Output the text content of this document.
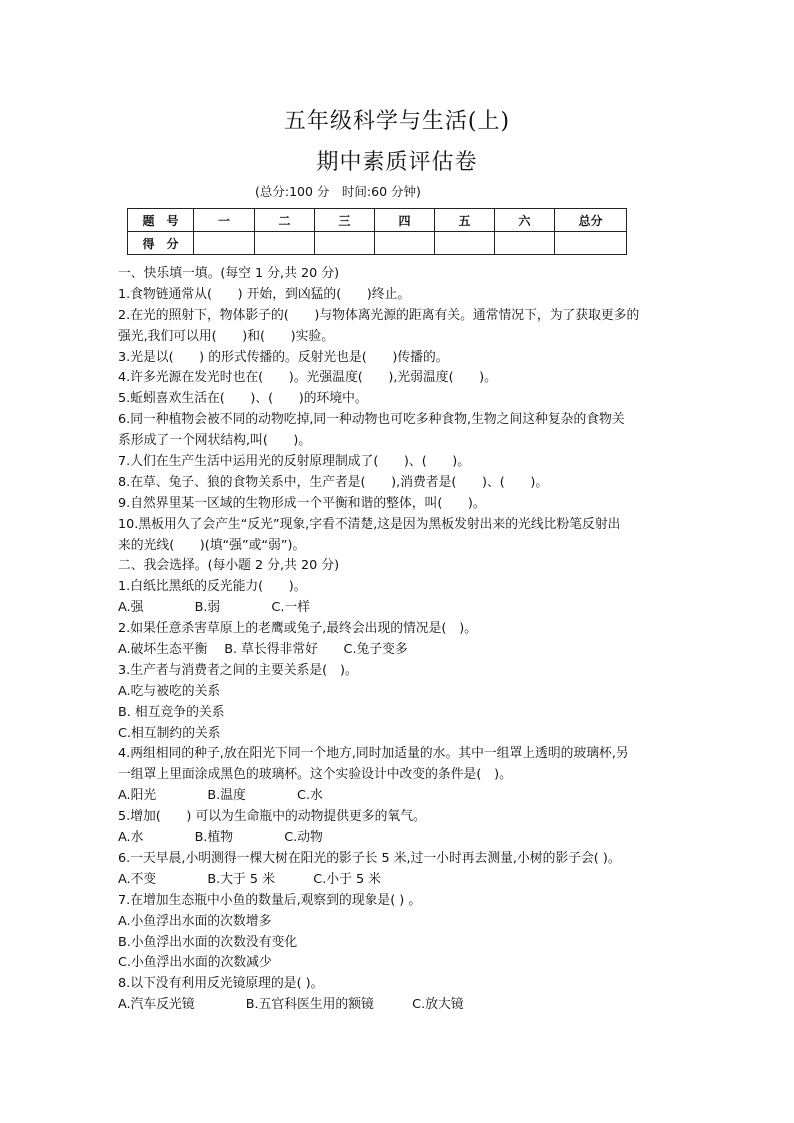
五年级科学与生活(上)
期中素质评估卷
(总分:100 分　时间:60 分钟)
题　号	一	二	三	四	五	六	总分
得　分							
一、快乐填一填。(每空 1 分,共 20 分)
1.食物链通常从(　　) 开始，到凶猛的(　　)终止。
2.在光的照射下，物体影子的(　　)与物体离光源的距离有关。通常情况下，为了获取更多的
强光,我们可以用(　　)和(　　)实验。
3.光是以(　　) 的形式传播的。反射光也是(　　)传播的。
4.许多光源在发光时也在(　　)。光强温度(　　),光弱温度(　　)。
5.蚯蚓喜欢生活在(　　)、(　　)的环境中。
6.同一种植物会被不同的动物吃掉,同一种动物也可吃多种食物,生物之间这种复杂的食物关
系形成了一个网状结构,叫(　　)。
7.人们在生产生活中运用光的反射原理制成了(　　)、(　　)。
8.在草、兔子、狼的食物关系中，生产者是(　　),消费者是(　　)、(　　)。
9.自然界里某一区域的生物形成一个平衡和谐的整体，叫(　　)。
10.黑板用久了会产生“反光”现象,字看不清楚,这是因为黑板发射出来的光线比粉笔反射出
来的光线(　　)(填“强”或“弱”)。
二、我会选择。(每小题 2 分,共 20 分)
1.白纸比黑纸的反光能力(　　)。
A.强　　　　B.弱　　　　C.一样
2.如果任意杀害草原上的老鹰或兔子,最终会出现的情况是(　)。
A.破坏生态平衡　 B. 草长得非常好　　C.兔子变多
3.生产者与消费者之间的主要关系是(　)。
A.吃与被吃的关系
B. 相互竞争的关系
C.相互制约的关系
4.两组相同的种子,放在阳光下同一个地方,同时加适量的水。其中一组罩上透明的玻璃杯,另
一组罩上里面涂成黑色的玻璃杯。这个实验设计中改变的条件是(　)。
A.阳光　　　　B.温度　　　　C.水
5.增加(　　) 可以为生命瓶中的动物提供更多的氧气。
A.水　　　　B.植物　　　　C.动物
6.一天早晨,小明测得一棵大树在阳光的影子长 5 米,过一小时再去测量,小树的影子会( )。
A.不变　　　　B.大于 5 米　　　C.小于 5 米
7.在增加生态瓶中小鱼的数量后,观察到的现象是( ) 。
A.小鱼浮出水面的次数增多
B.小鱼浮出水面的次数没有变化
C.小鱼浮出水面的次数减少
8.以下没有利用反光镜原理的是( )。
A.汽车反光镜　　　　B.五官科医生用的额镜　　　C.放大镜
